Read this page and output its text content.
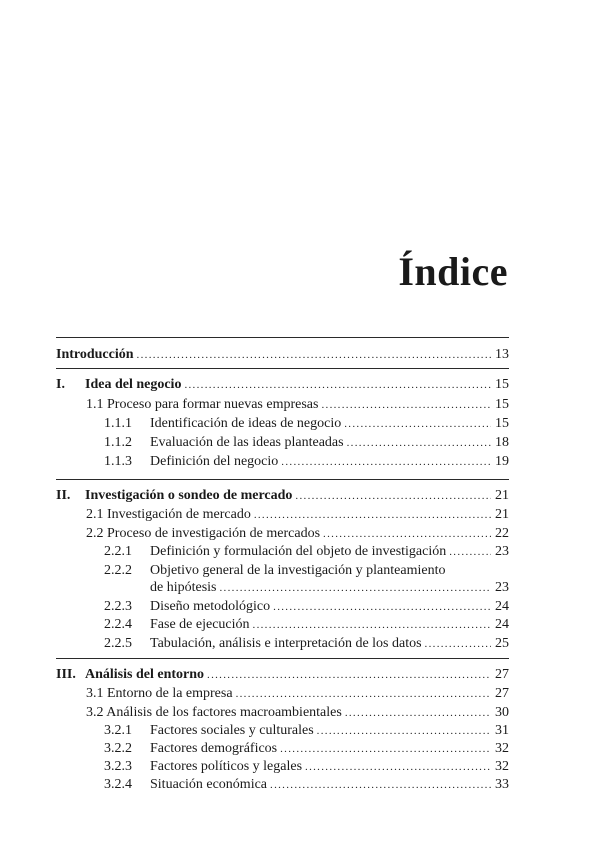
Índice
Introducción .....	13
I. Idea del negocio .....	15
1.1 Proceso para formar nuevas empresas .....	15
1.1.1 Identificación de ideas de negocio .....	15
1.1.2 Evaluación de las ideas planteadas .....	18
1.1.3 Definición del negocio .....	19
II. Investigación o sondeo de mercado .....	21
2.1 Investigación de mercado .....	21
2.2 Proceso de investigación de mercados .....	22
2.2.1 Definición y formulación del objeto de investigación .....	23
2.2.2 Objetivo general de la investigación y planteamiento
de hipótesis .....	23
2.2.3 Diseño metodológico .....	24
2.2.4 Fase de ejecución .....	24
2.2.5 Tabulación, análisis e interpretación de los datos .....	25
III. Análisis del entorno .....	27
3.1 Entorno de la empresa .....	27
3.2 Análisis de los factores macroambientales .....	30
3.2.1 Factores sociales y culturales .....	31
3.2.2 Factores demográficos .....	32
3.2.3 Factores políticos y legales .....	32
3.2.4 Situación económica .....	33
